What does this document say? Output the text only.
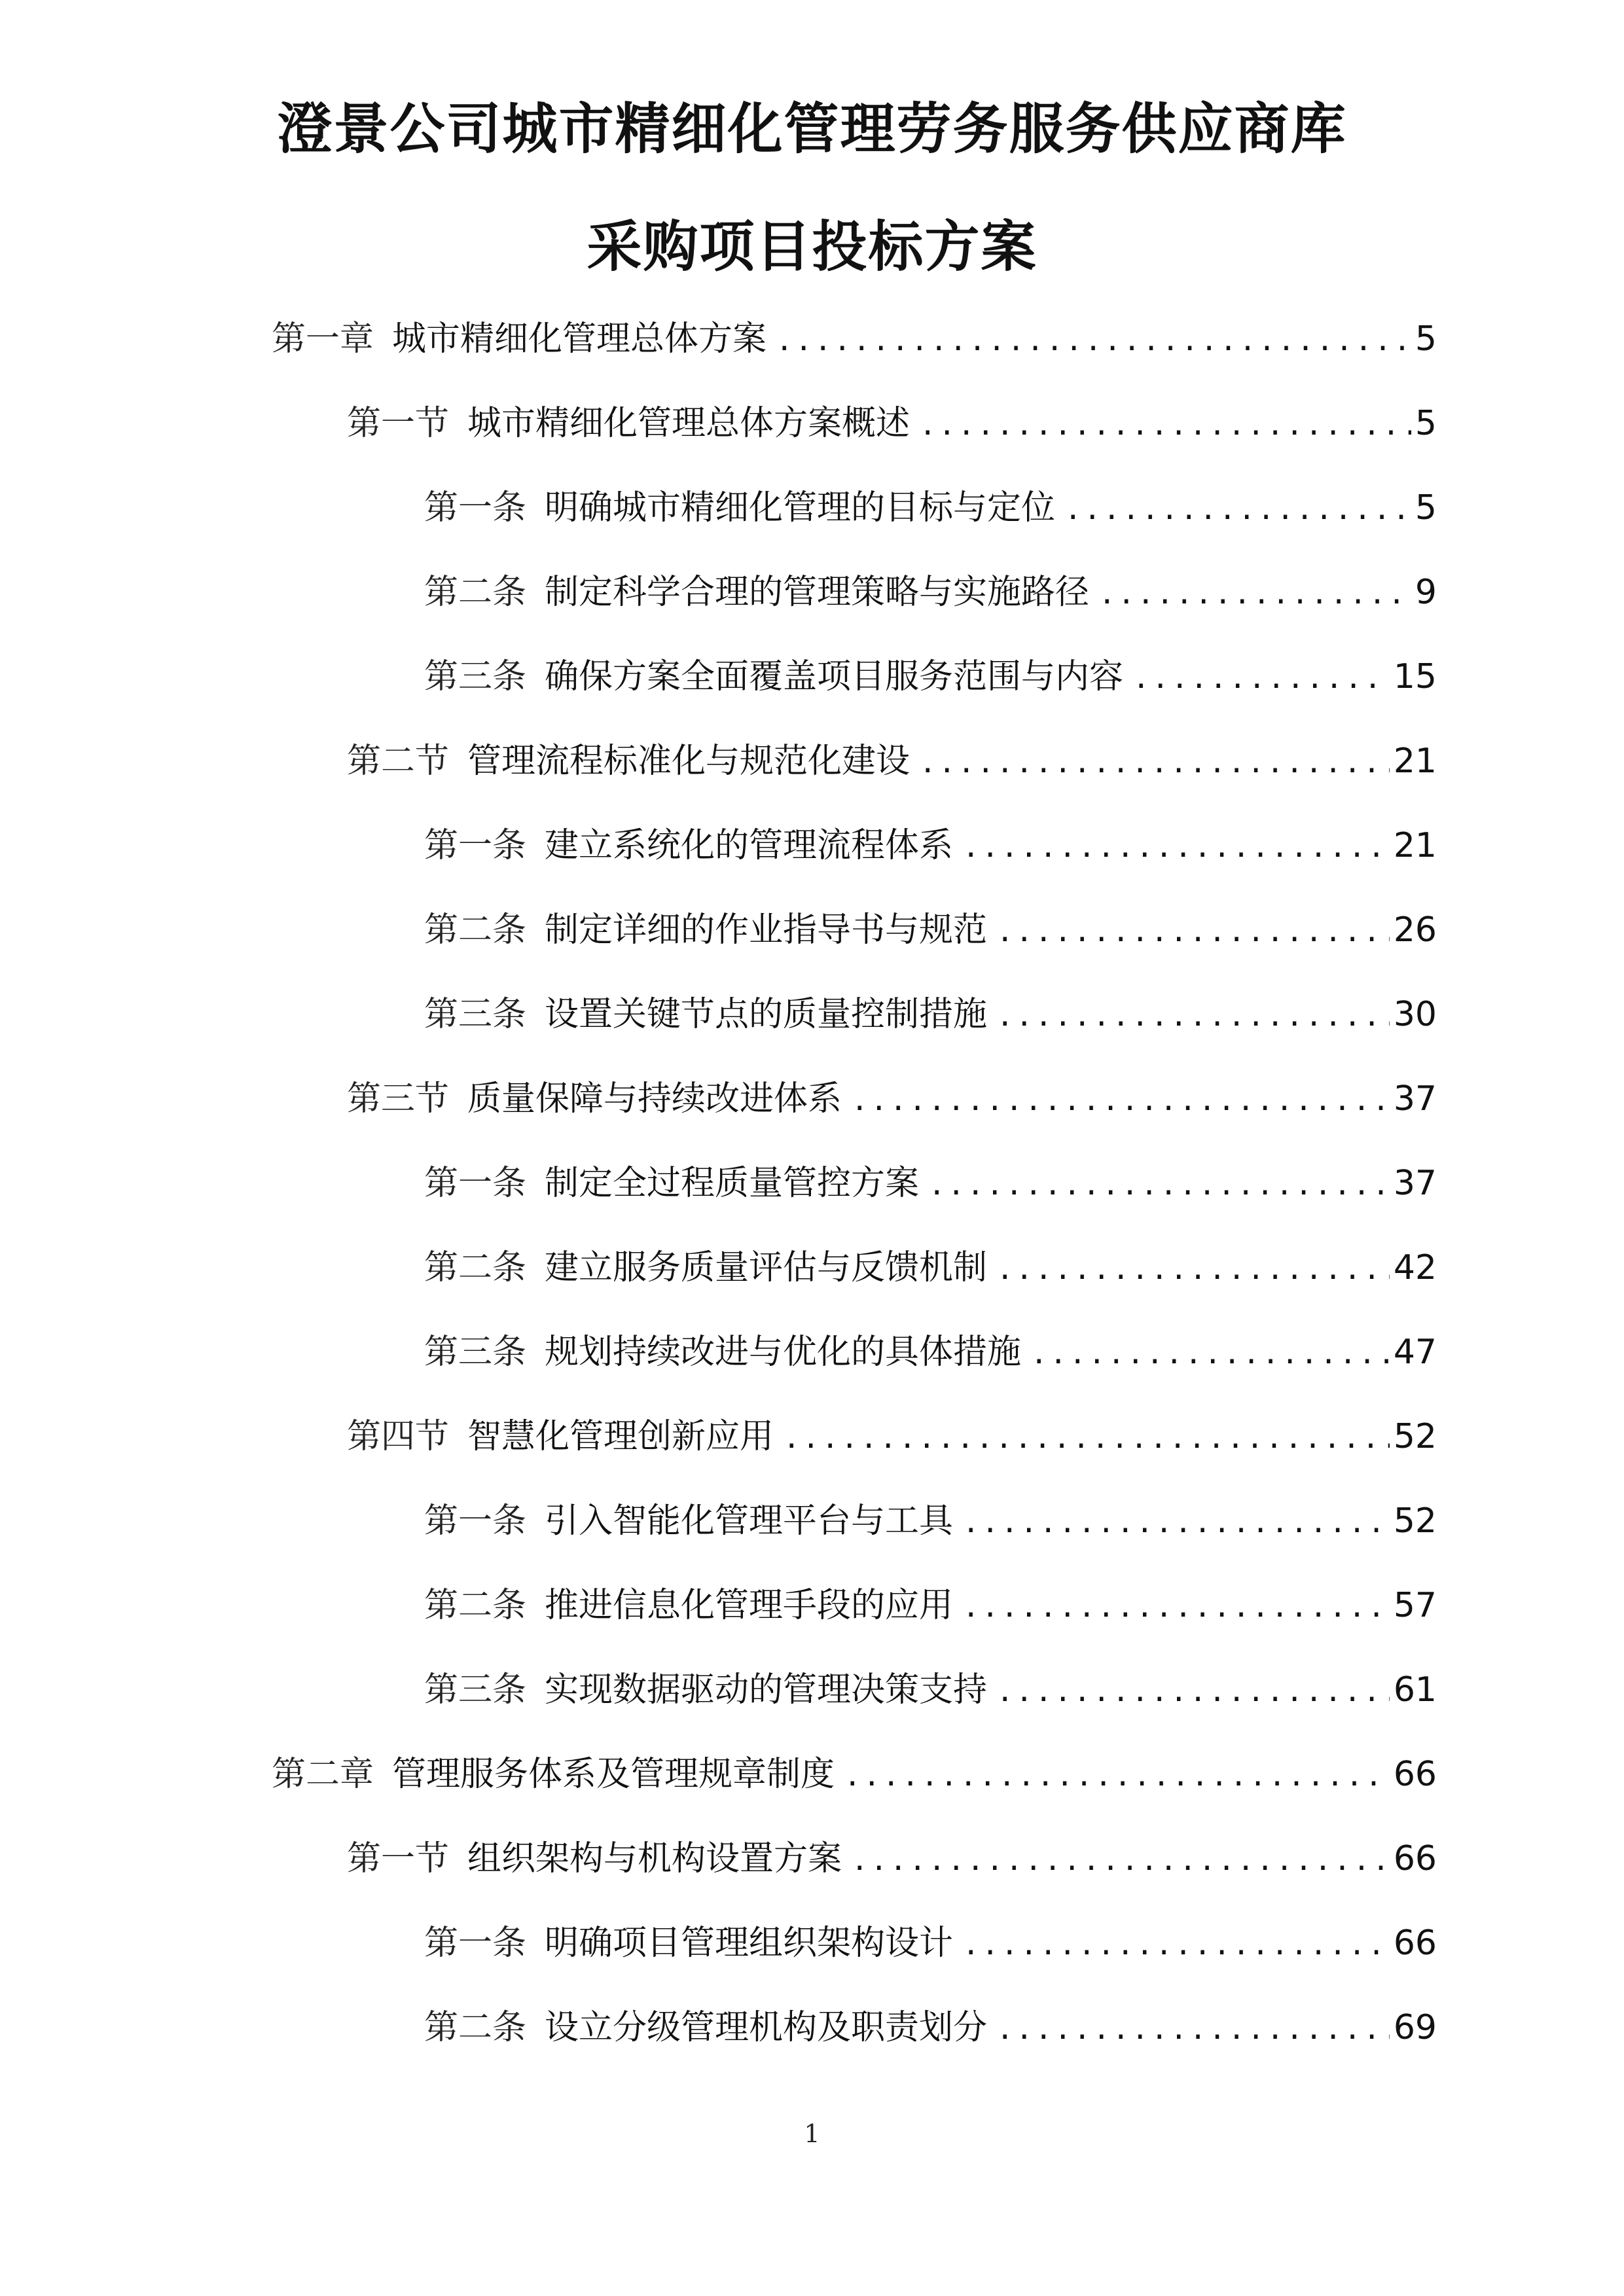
澄景公司城市精细化管理劳务服务供应商库
采购项目投标方案
第一章 城市精细化管理总体方案 .....	5
第一节 城市精细化管理总体方案概述 .....	5
第一条 明确城市精细化管理的目标与定位 .....	5
第二条 制定科学合理的管理策略与实施路径 .....	9
第三条 确保方案全面覆盖项目服务范围与内容 .....	15
第二节 管理流程标准化与规范化建设 .....	21
第一条 建立系统化的管理流程体系 .....	21
第二条 制定详细的作业指导书与规范 .....	26
第三条 设置关键节点的质量控制措施 .....	30
第三节 质量保障与持续改进体系 .....	37
第一条 制定全过程质量管控方案 .....	37
第二条 建立服务质量评估与反馈机制 .....	42
第三条 规划持续改进与优化的具体措施 .....	47
第四节 智慧化管理创新应用 .....	52
第一条 引入智能化管理平台与工具 .....	52
第二条 推进信息化管理手段的应用 .....	57
第三条 实现数据驱动的管理决策支持 .....	61
第二章 管理服务体系及管理规章制度 .....	66
第一节 组织架构与机构设置方案 .....	66
第一条 明确项目管理组织架构设计 .....	66
第二条 设立分级管理机构及职责划分 .....	69
1
